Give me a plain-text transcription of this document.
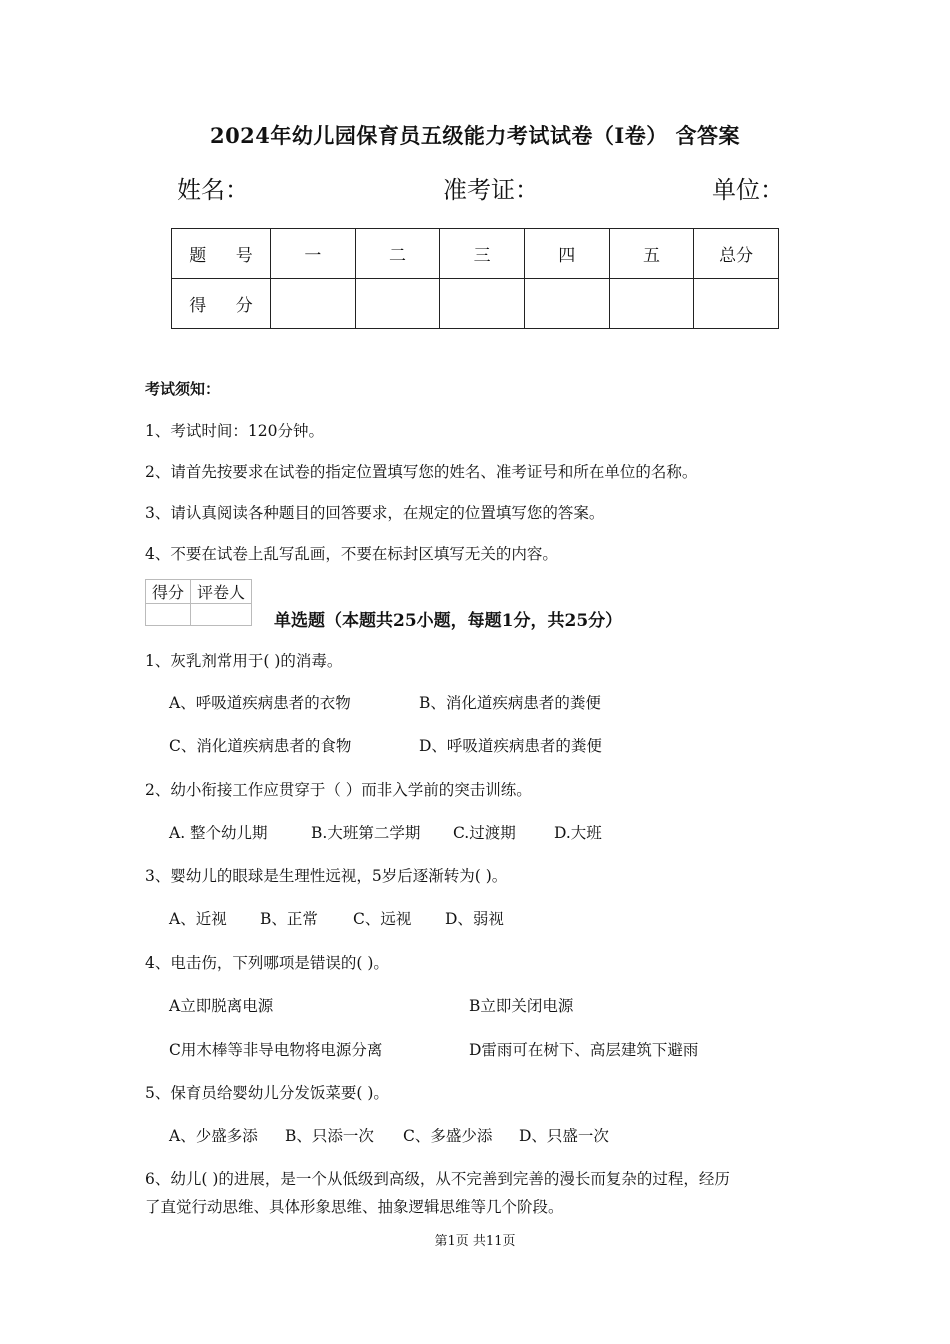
2024年幼儿园保育员五级能力考试试卷（I卷） 含答案
姓名：	准考证：	单位：
题 号	一	二	三	四	五	总分
得 分						
考试须知：
1、考试时间：120分钟。
2、请首先按要求在试卷的指定位置填写您的姓名、准考证号和所在单位的名称。
3、请认真阅读各种题目的回答要求，在规定的位置填写您的答案。
4、不要在试卷上乱写乱画，不要在标封区填写无关的内容。
得分	评卷人

单选题（本题共25小题，每题1分，共25分）
1、灰乳剂常用于( )的消毒。
A、呼吸道疾病患者的衣物	B、消化道疾病患者的粪便
C、消化道疾病患者的食物	D、呼吸道疾病患者的粪便
2、幼小衔接工作应贯穿于（ ）而非入学前的突击训练。
A. 整个幼儿期	B.大班第二学期 C.过渡期 D.大班
3、婴幼儿的眼球是生理性远视，5岁后逐渐转为( )。
A、近视 B、正常 C、远视 D、弱视
4、电击伤，下列哪项是错误的( )。
A立即脱离电源	B立即关闭电源
C用木棒等非导电物将电源分离	D雷雨可在树下、高层建筑下避雨
5、保育员给婴幼儿分发饭菜要( )。
A、少盛多添 B、只添一次 C、多盛少添 D、只盛一次
6、幼儿( )的进展，是一个从低级到高级，从不完善到完善的漫长而复杂的过程，经历
了直觉行动思维、具体形象思维、抽象逻辑思维等几个阶段。
第1页 共11页
